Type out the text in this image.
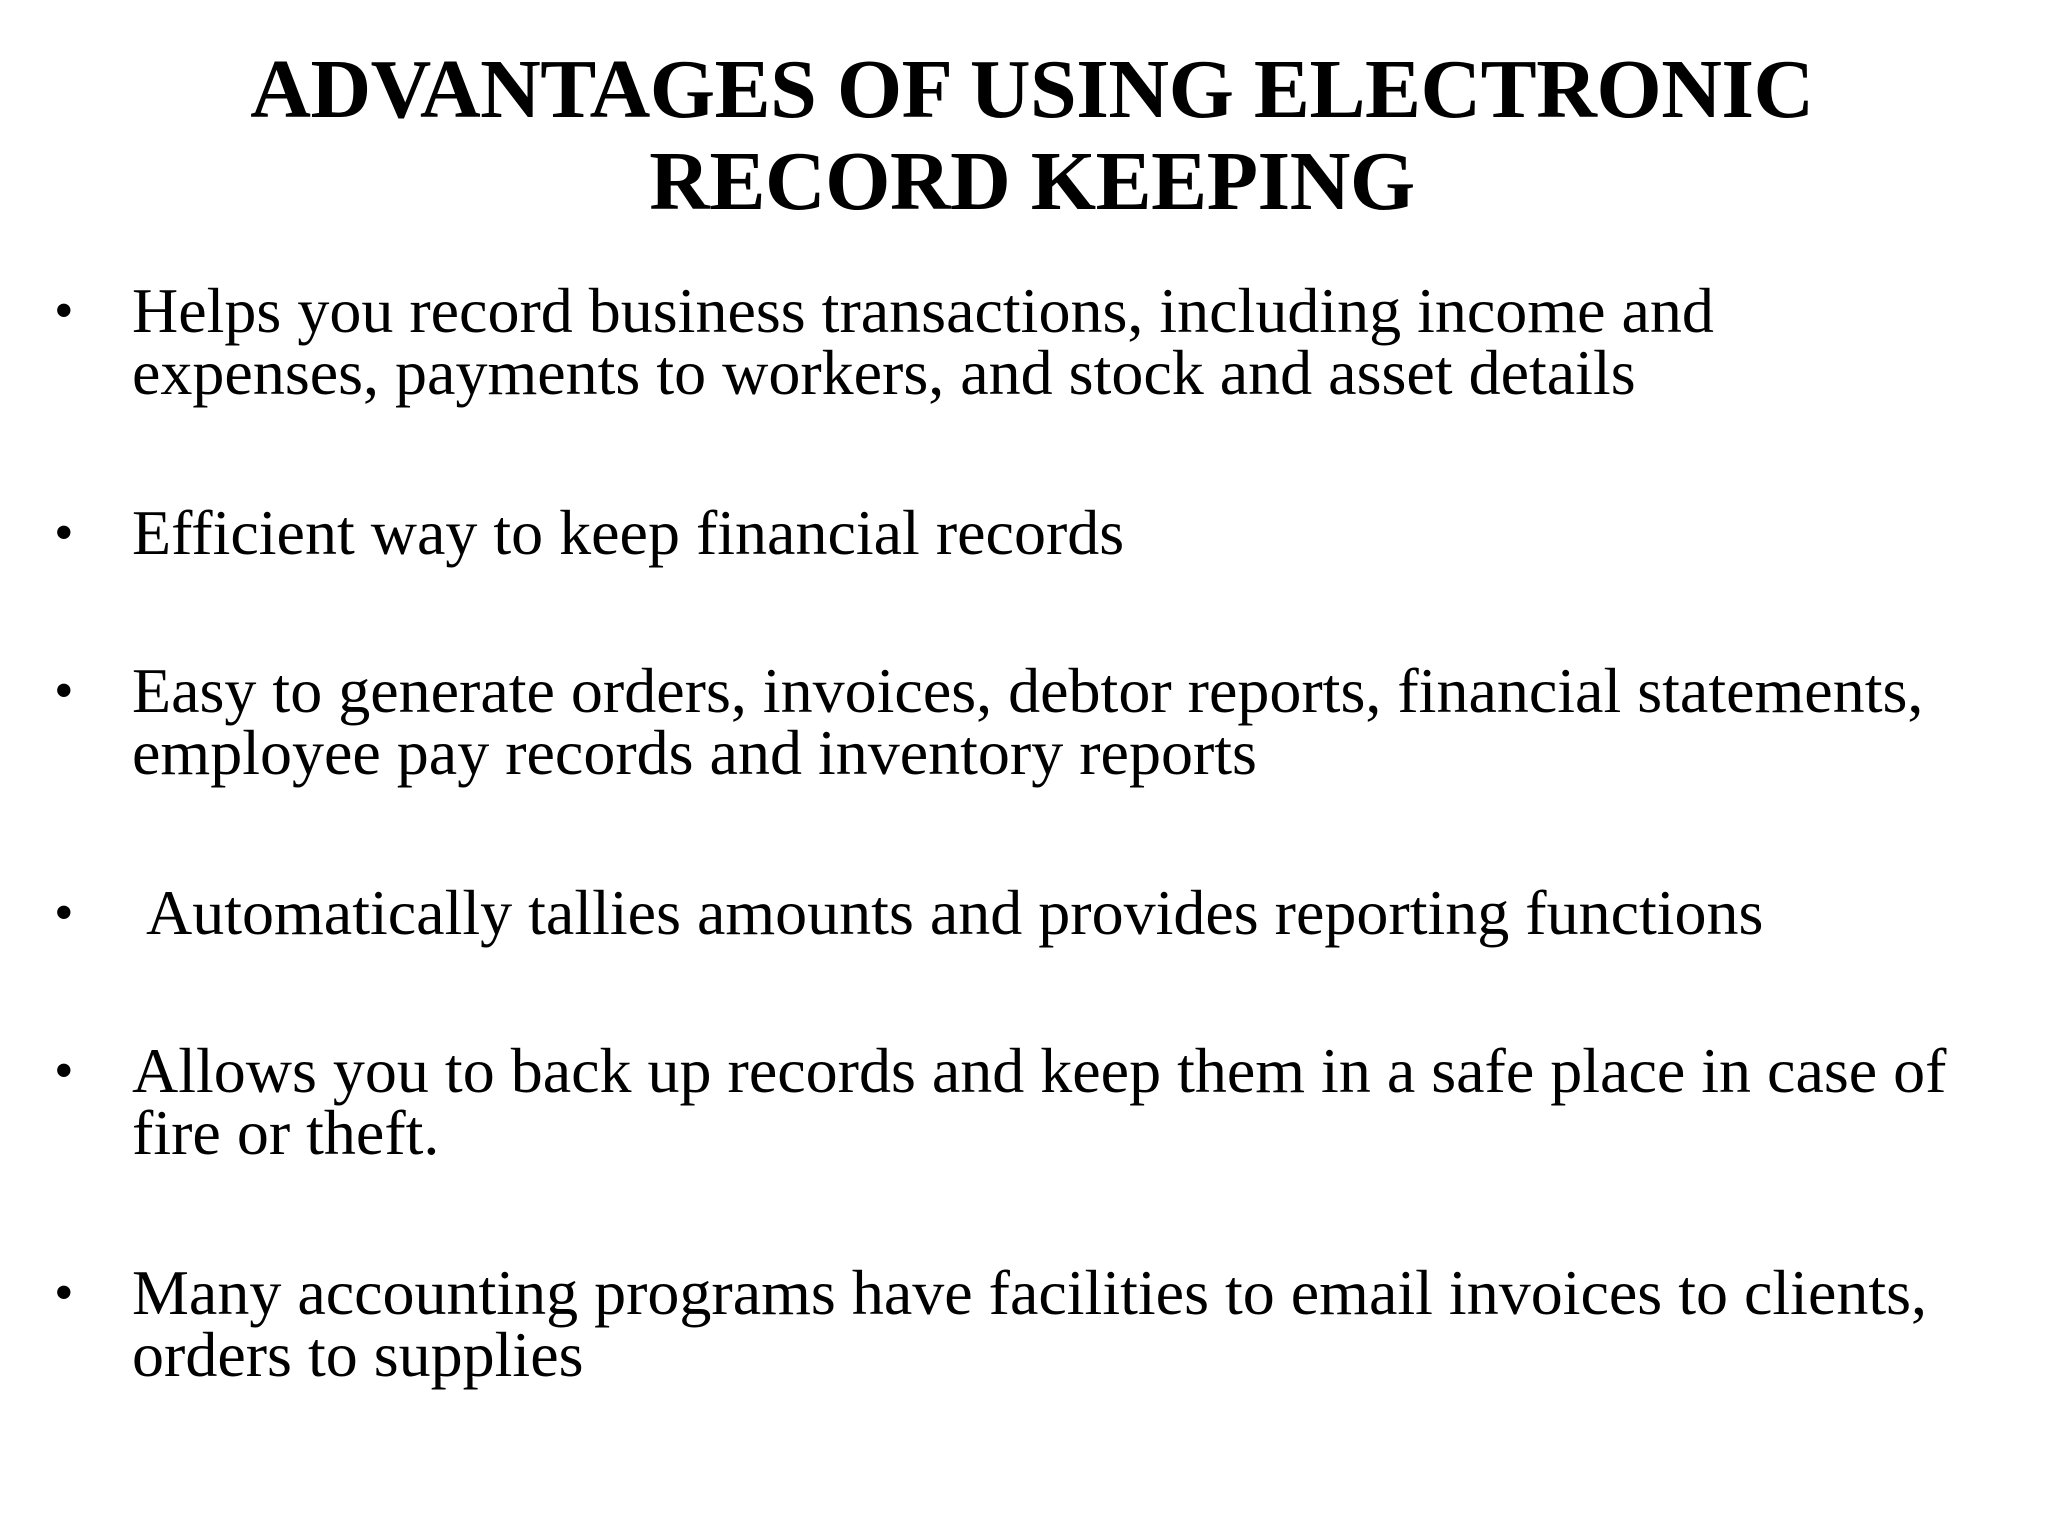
ADVANTAGES OF USING ELECTRONIC
RECORD KEEPING
• Helps you record business transactions, including income and
expenses, payments to workers, and stock and asset details
• Efficient way to keep financial records
• Easy to generate orders, invoices, debtor reports, financial statements,
employee pay records and inventory reports
• Automatically tallies amounts and provides reporting functions
• Allows you to back up records and keep them in a safe place in case of
fire or theft.
• Many accounting programs have facilities to email invoices to clients,
orders to supplies
